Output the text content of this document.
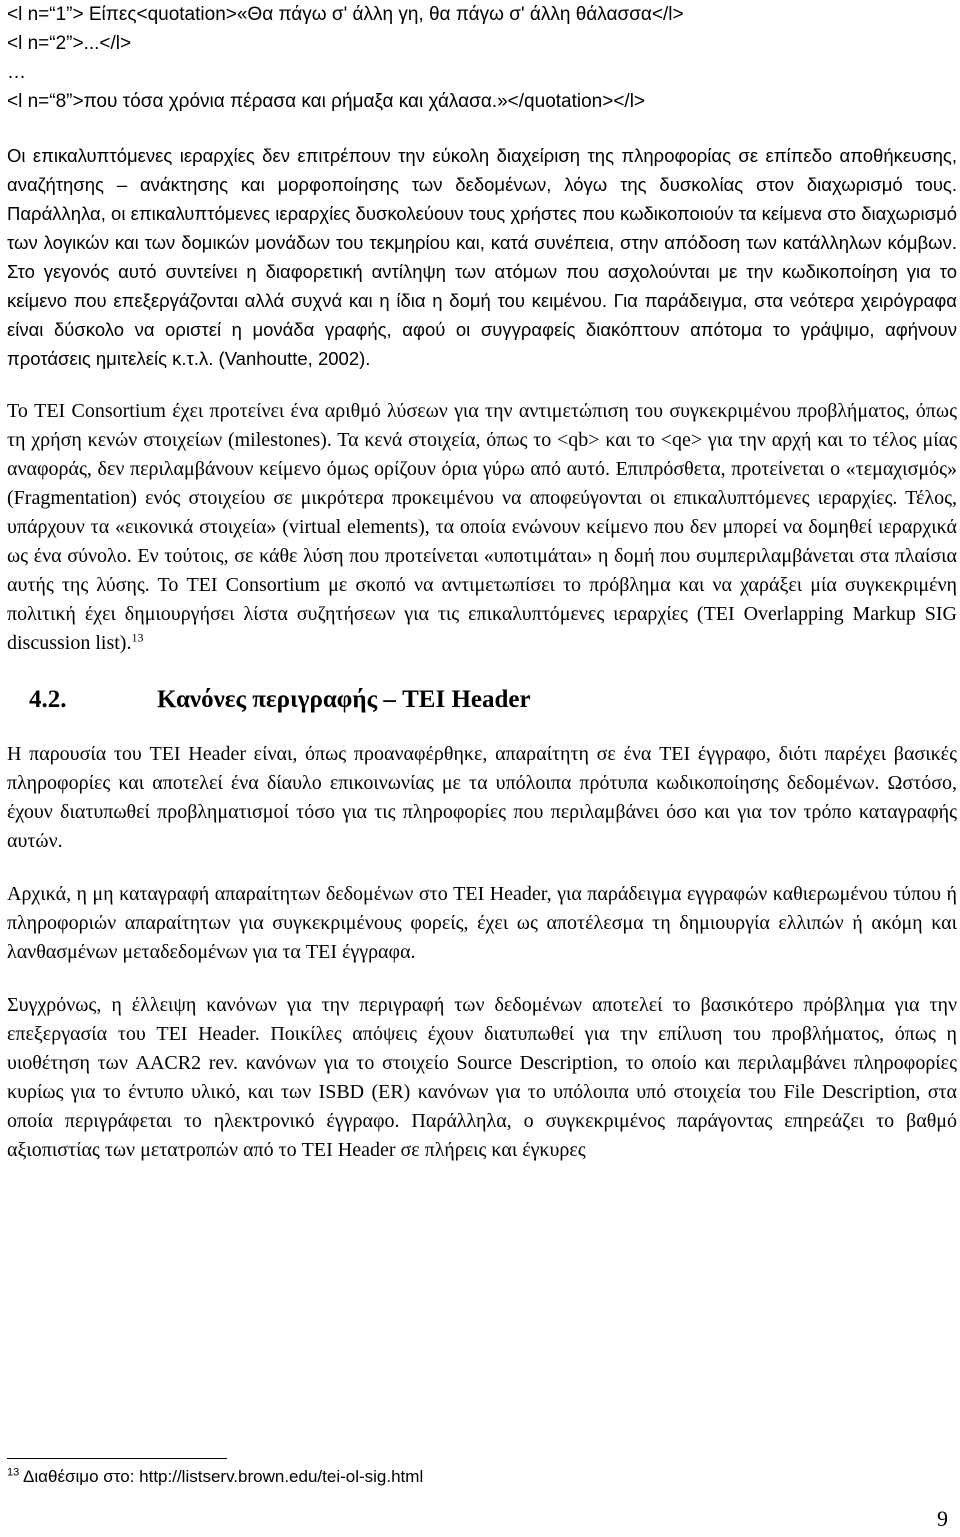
<l n=“1”> Είπες<quotation>«Θα πάγω σ' άλλη γη, θα πάγω σ' άλλη θάλασσα</l>

<l n=“2”>...</l>

…

<l n=“8”>που τόσα χρόνια πέρασα και ρήμαξα και χάλασα.»</quotation></l>

Οι επικαλυπτόμενες ιεραρχίες δεν επιτρέπουν την εύκολη διαχείριση της πληροφορίας σε επίπεδο αποθήκευσης, αναζήτησης – ανάκτησης και μορφοποίησης των δεδομένων, λόγω της δυσκολίας στον διαχωρισμό τους. Παράλληλα, οι επικαλυπτόμενες ιεραρχίες δυσκολεύουν τους χρήστες που κωδικοποιούν τα κείμενα στο διαχωρισμό των λογικών και των δομικών μονάδων του τεκμηρίου και, κατά συνέπεια, στην απόδοση των κατάλληλων κόμβων. Στο γεγονός αυτό συντείνει η διαφορετική αντίληψη των ατόμων που ασχολούνται με την κωδικοποίηση για το κείμενο που επεξεργάζονται αλλά συχνά και η ίδια η δομή του κειμένου. Για παράδειγμα, στα νεότερα χειρόγραφα είναι δύσκολο να οριστεί η μονάδα γραφής, αφού οι συγγραφείς διακόπτουν απότομα το γράψιμο, αφήνουν προτάσεις ημιτελείς κ.τ.λ. (Vanhoutte, 2002).

Το TEI Consortium έχει προτείνει ένα αριθμό λύσεων για την αντιμετώπιση του συγκεκριμένου προβλήματος, όπως τη χρήση κενών στοιχείων (milestones). Τα κενά στοιχεία, όπως το <qb> και το <qe> για την αρχή και το τέλος μίας αναφοράς, δεν περιλαμβάνουν κείμενο όμως ορίζουν όρια γύρω από αυτό. Επιπρόσθετα, προτείνεται ο «τεμαχισμός» (Fragmentation) ενός στοιχείου σε μικρότερα προκειμένου να αποφεύγονται οι επικαλυπτόμενες ιεραρχίες. Τέλος, υπάρχουν τα «εικονικά στοιχεία» (virtual elements), τα οποία ενώνουν κείμενο που δεν μπορεί να δομηθεί ιεραρχικά ως ένα σύνολο. Εν τούτοις, σε κάθε λύση που προτείνεται «υποτιμάται» η δομή που συμπεριλαμβάνεται στα πλαίσια αυτής της λύσης. Το TEI Consortium με σκοπό να αντιμετωπίσει το πρόβλημα και να χαράξει μία συγκεκριμένη πολιτική έχει δημιουργήσει λίστα συζητήσεων για τις επικαλυπτόμενες ιεραρχίες (TEI Overlapping Markup SIG discussion list).$^{13}$

4.2.	Κανόνες περιγραφής – TEI Header

Η παρουσία του TEI Header είναι, όπως προαναφέρθηκε, απαραίτητη σε ένα TEI έγγραφο, διότι παρέχει βασικές πληροφορίες και αποτελεί ένα δίαυλο επικοινωνίας με τα υπόλοιπα πρότυπα κωδικοποίησης δεδομένων. Ωστόσο, έχουν διατυπωθεί προβληματισμοί τόσο για τις πληροφορίες που περιλαμβάνει όσο και για τον τρόπο καταγραφής αυτών.

Αρχικά, η μη καταγραφή απαραίτητων δεδομένων στο TEI Header, για παράδειγμα εγγραφών καθιερωμένου τύπου ή πληροφοριών απαραίτητων για συγκεκριμένους φορείς, έχει ως αποτέλεσμα τη δημιουργία ελλιπών ή ακόμη και λανθασμένων μεταδεδομένων για τα TEI έγγραφα.

Συγχρόνως, η έλλειψη κανόνων για την περιγραφή των δεδομένων αποτελεί το βασικότερο πρόβλημα για την επεξεργασία του TEI Header. Ποικίλες απόψεις έχουν διατυπωθεί για την επίλυση του προβλήματος, όπως η υιοθέτηση των AACR2 rev. κανόνων για το στοιχείο Source Description, το οποίο και περιλαμβάνει πληροφορίες κυρίως για το έντυπο υλικό, και των ISBD (ER) κανόνων για το υπόλοιπα υπό στοιχεία του File Description, στα οποία περιγράφεται το ηλεκτρονικό έγγραφο. Παράλληλα, ο συγκεκριμένος παράγοντας επηρεάζει το βαθμό αξιοπιστίας των μετατροπών από το TEI Header σε πλήρεις και έγκυρες

$^{13}$ Διαθέσιμο στο: http://listserv.brown.edu/tei-ol-sig.html
9
